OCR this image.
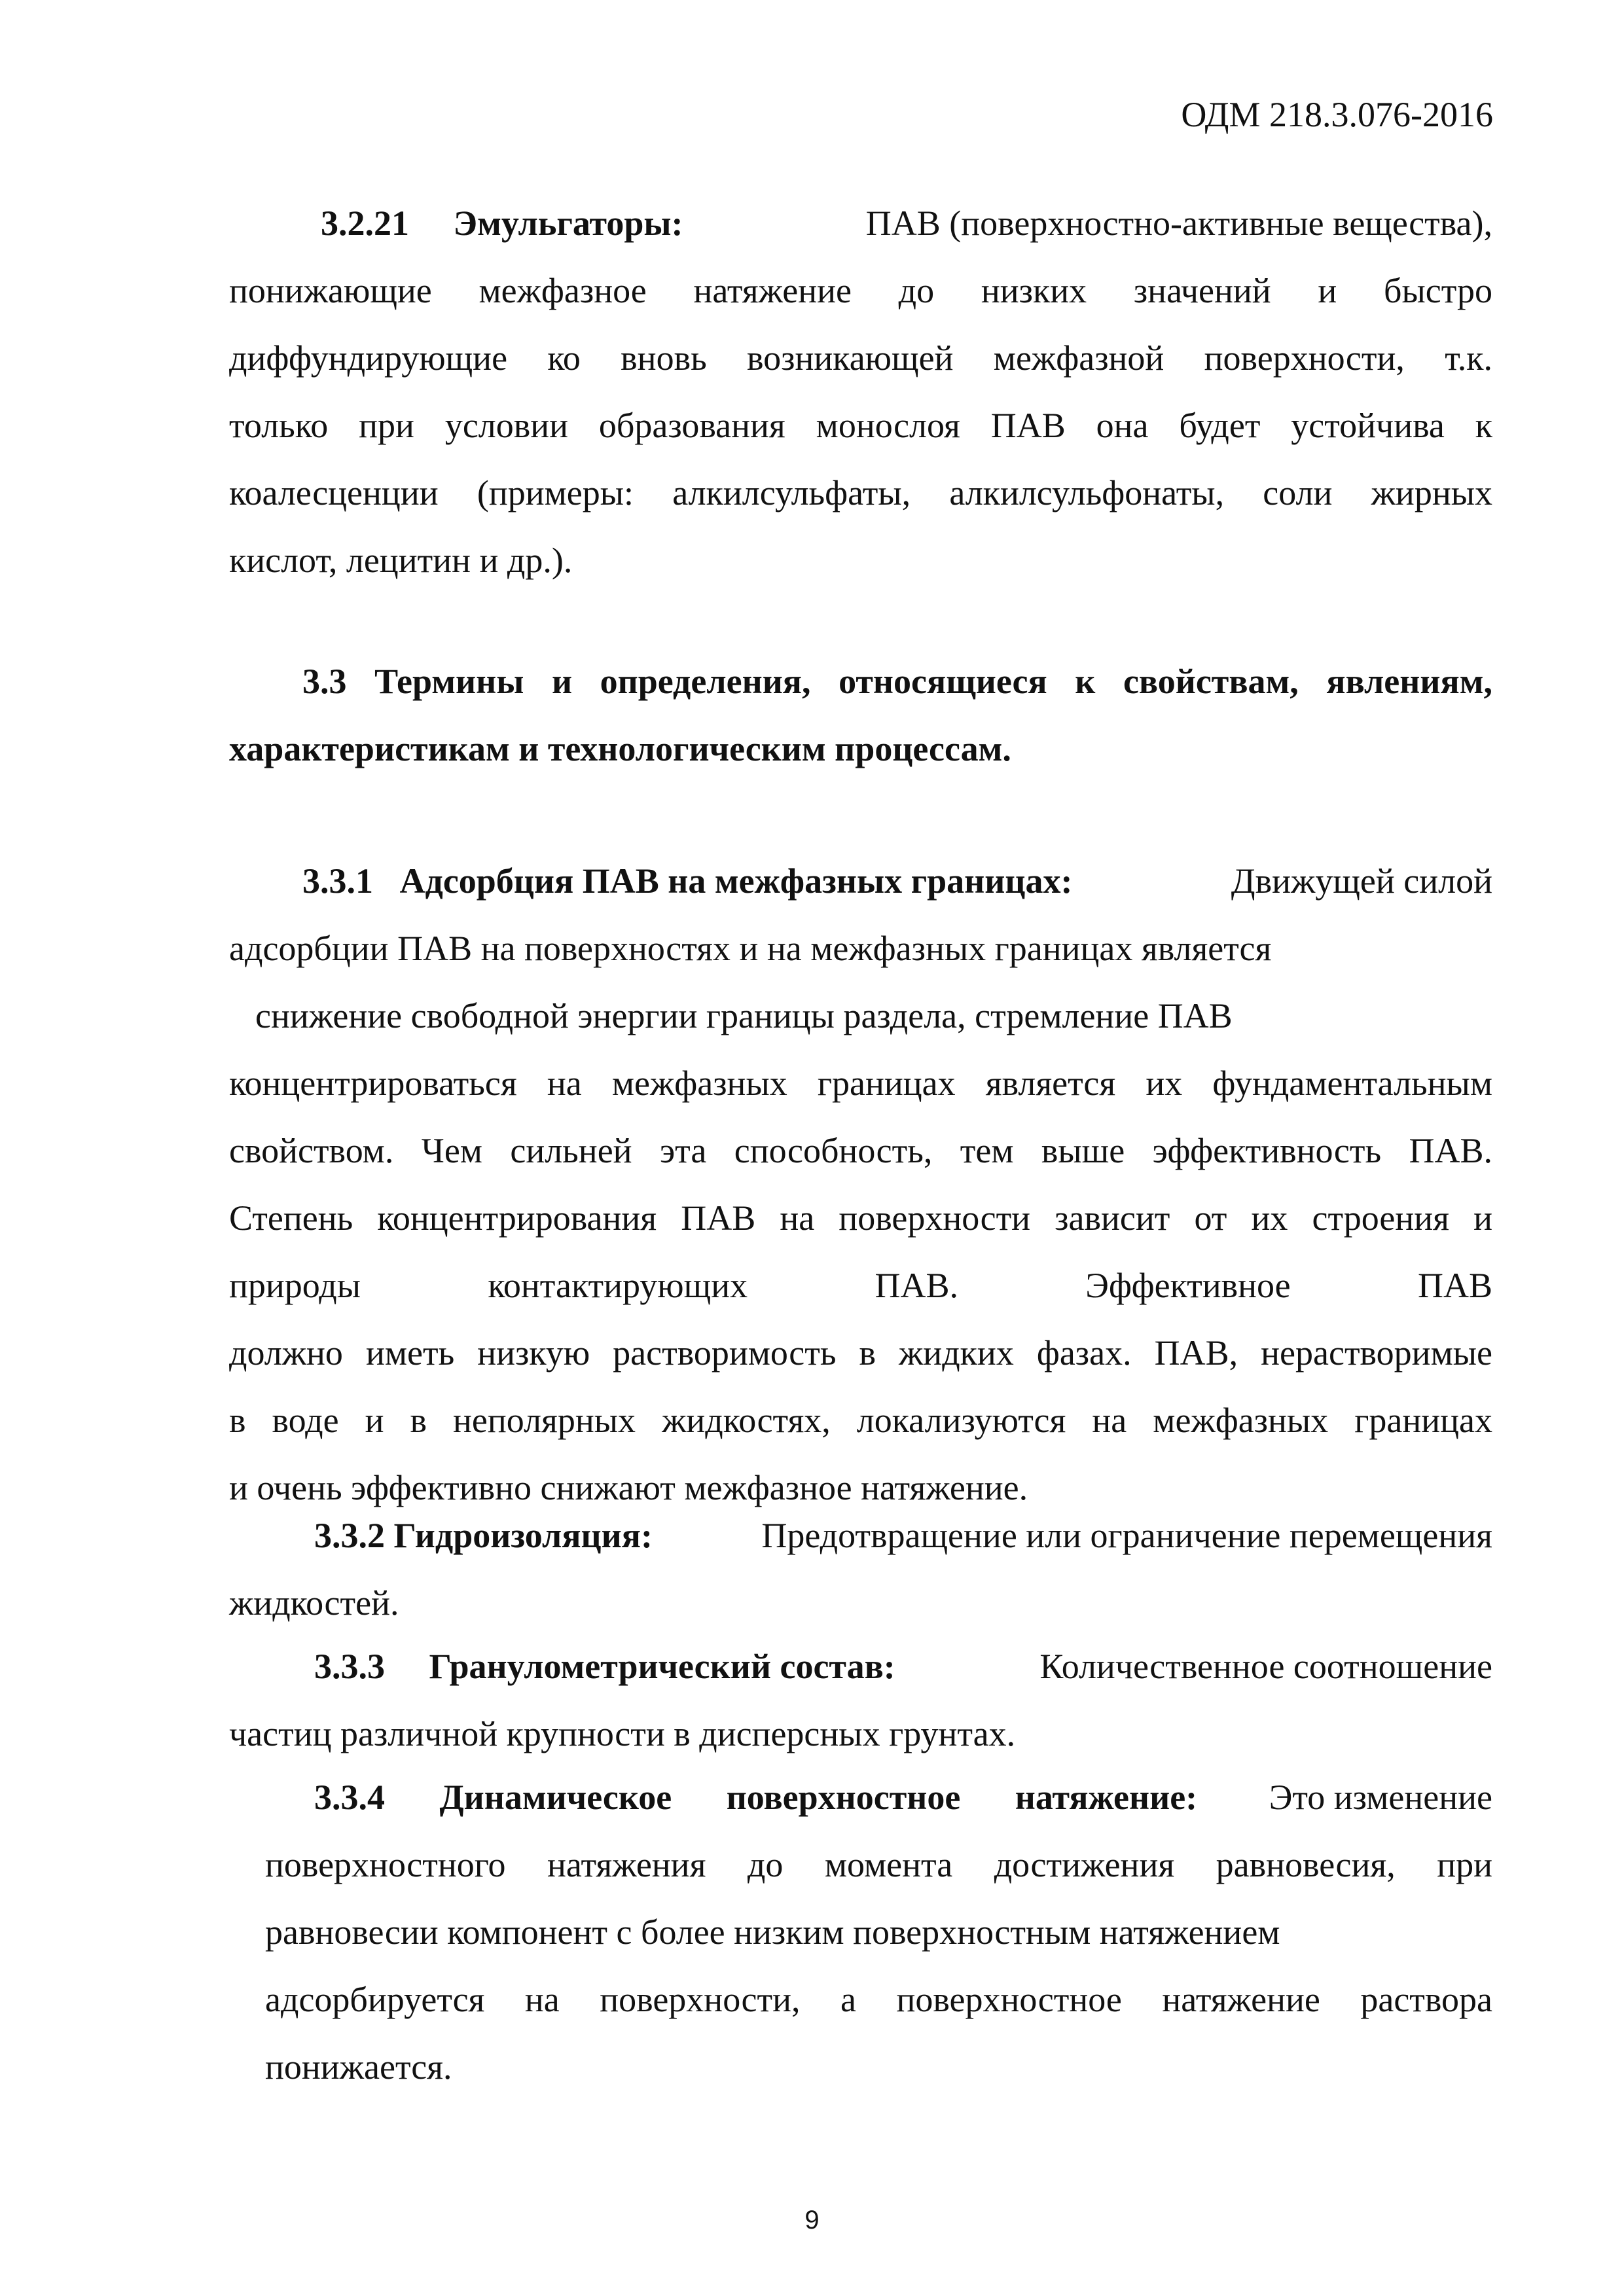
ОДМ 218.3.076-2016
3.2.21 Эмульгаторы:	ПАВ (поверхностно-активные вещества),
понижающие межфазное натяжение до низких значений и быстро
диффундирующие ко вновь возникающей межфазной поверхности, т.к.
только при условии образования монослоя ПАВ она будет устойчива к
коалесценции (примеры: алкилсульфаты, алкилсульфонаты, соли жирных
кислот, лецитин и др.).
3.3 Термины и определения, относящиеся к свойствам, явлениям,
характеристикам и технологическим процессам.
3.3.1 Адсорбция ПАВ на межфазных границах:	Движущей силой
адсорбции ПАВ на поверхностях и на межфазных границах является
снижение свободной энергии границы раздела, стремление ПАВ
концентрироваться на межфазных границах является их фундаментальным
свойством. Чем сильней эта способность, тем выше эффективность ПАВ.
Степень концентрирования ПАВ на поверхности зависит от их строения и
природы контактирующих ПАВ. Эффективное ПАВ
должно иметь низкую растворимость в жидких фазах. ПАВ, нерастворимые
в воде и в неполярных жидкостях, локализуются на межфазных границах
и очень эффективно снижают межфазное натяжение.
3.3.2 Гидроизоляция:	Предотвращение или ограничение перемещения
жидкостей.
3.3.3 Гранулометрический состав:	Количественное соотношение
частиц различной крупности в дисперсных грунтах.
3.3.4 Динамическое поверхностное натяжение: Это изменение
поверхностного натяжения до момента достижения равновесия, при
равновесии компонент с более низким поверхностным натяжением
адсорбируется на поверхности, а поверхностное натяжение раствора
понижается.
9
